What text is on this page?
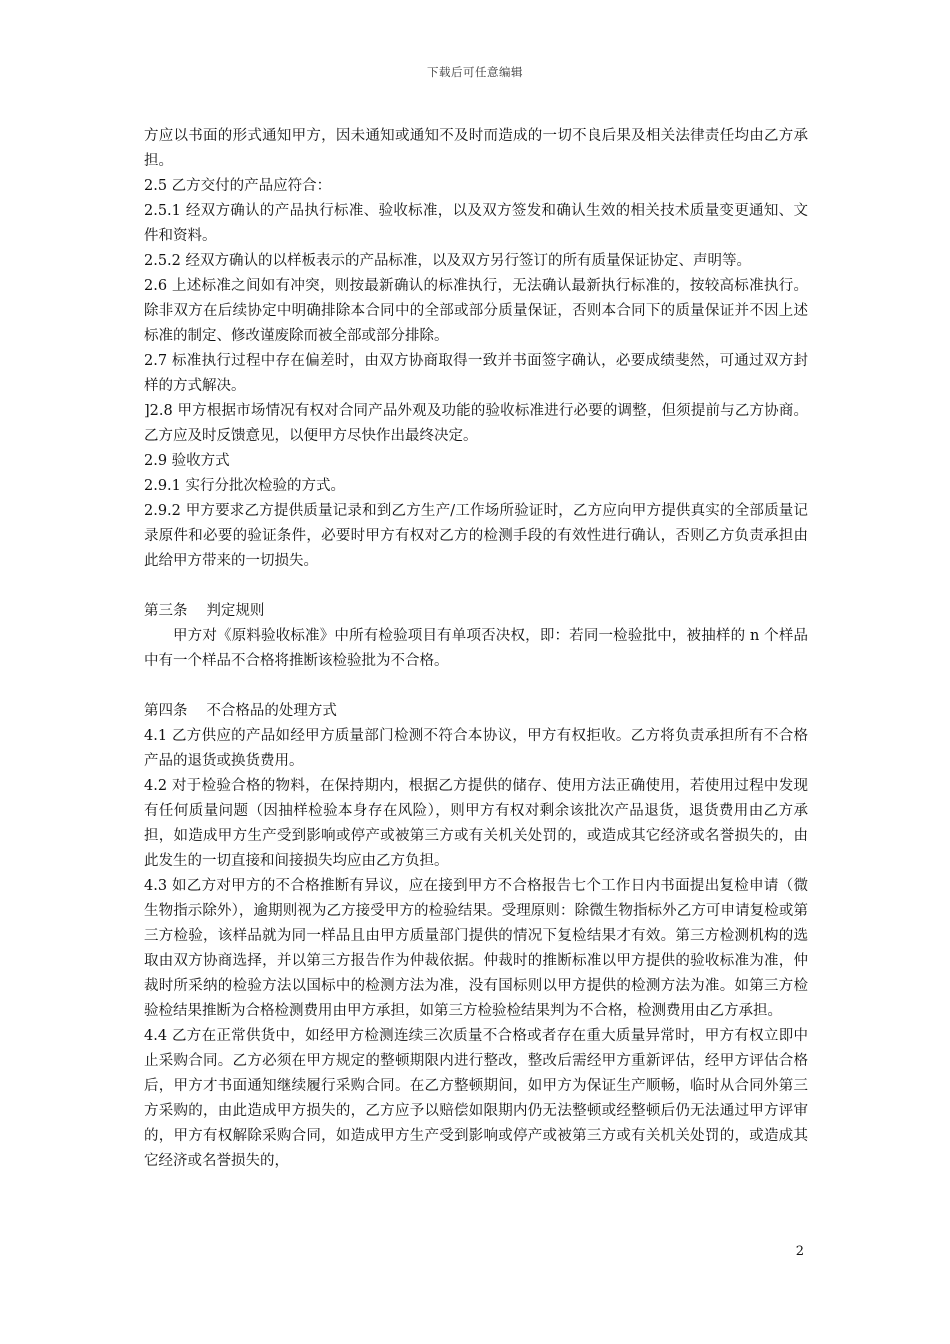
下载后可任意编辑

方应以书面的形式通知甲方，因未通知或通知不及时而造成的一切不良后果及相关法律责任均由乙方承担。

2.5 乙方交付的产品应符合：

2.5.1 经双方确认的产品执行标准、验收标准，以及双方签发和确认生效的相关技术质量变更通知、文件和资料。

2.5.2 经双方确认的以样板表示的产品标准，以及双方另行签订的所有质量保证协定、声明等。

2.6 上述标准之间如有冲突，则按最新确认的标准执行，无法确认最新执行标准的，按较高标准执行。除非双方在后续协定中明确排除本合同中的全部或部分质量保证，否则本合同下的质量保证并不因上述标准的制定、修改谨废除而被全部或部分排除。

2.7 标准执行过程中存在偏差时，由双方协商取得一致并书面签字确认，必要成绩斐然，可通过双方封样的方式解决。

]2.8 甲方根据市场情况有权对合同产品外观及功能的验收标准进行必要的调整，但须提前与乙方协商。乙方应及时反馈意见，以便甲方尽快作出最终决定。

2.9 验收方式

2.9.1 实行分批次检验的方式。

2.9.2 甲方要求乙方提供质量记录和到乙方生产/工作场所验证时，乙方应向甲方提供真实的全部质量记录原件和必要的验证条件，必要时甲方有权对乙方的检测手段的有效性进行确认，否则乙方负责承担由此给甲方带来的一切损失。

第三条 判定规则

甲方对《原料验收标准》中所有检验项目有单项否决权，即：若同一检验批中，被抽样的 n 个样品中有一个样品不合格将推断该检验批为不合格。

第四条 不合格品的处理方式

4.1 乙方供应的产品如经甲方质量部门检测不符合本协议，甲方有权拒收。乙方将负责承担所有不合格产品的退货或换货费用。

4.2 对于检验合格的物料，在保持期内，根据乙方提供的储存、使用方法正确使用，若使用过程中发现有任何质量问题（因抽样检验本身存在风险），则甲方有权对剩余该批次产品退货，退货费用由乙方承担，如造成甲方生产受到影响或停产或被第三方或有关机关处罚的，或造成其它经济或名誉损失的，由此发生的一切直接和间接损失均应由乙方负担。

4.3 如乙方对甲方的不合格推断有异议，应在接到甲方不合格报告七个工作日内书面提出复检申请（微生物指示除外），逾期则视为乙方接受甲方的检验结果。受理原则：除微生物指标外乙方可申请复检或第三方检验，该样品就为同一样品且由甲方质量部门提供的情况下复检结果才有效。第三方检测机构的选取由双方协商选择，并以第三方报告作为仲裁依据。仲裁时的推断标准以甲方提供的验收标准为准，仲裁时所采纳的检验方法以国标中的检测方法为准，没有国标则以甲方提供的检测方法为准。如第三方检验检结果推断为合格检测费用由甲方承担，如第三方检验检结果判为不合格，检测费用由乙方承担。

4.4 乙方在正常供货中，如经甲方检测连续三次质量不合格或者存在重大质量异常时，甲方有权立即中止采购合同。乙方必须在甲方规定的整顿期限内进行整改，整改后需经甲方重新评估，经甲方评估合格后，甲方才书面通知继续履行采购合同。在乙方整顿期间，如甲方为保证生产顺畅，临时从合同外第三方采购的，由此造成甲方损失的，乙方应予以赔偿如限期内仍无法整顿或经整顿后仍无法通过甲方评审的，甲方有权解除采购合同，如造成甲方生产受到影响或停产或被第三方或有关机关处罚的，或造成其它经济或名誉损失的，

2
